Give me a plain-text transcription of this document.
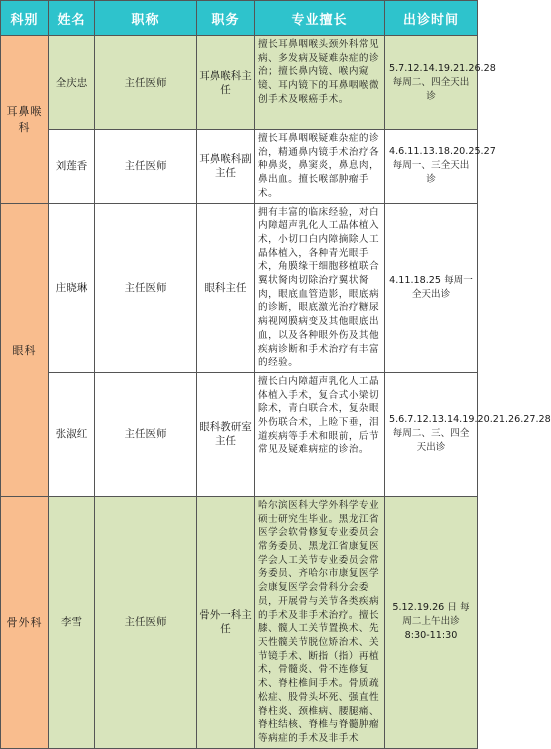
科别	姓名	职称	职务	专业擅长	出诊时间
耳鼻喉科	全庆忠	主任医师	耳鼻喉科主任	擅长耳鼻咽喉头颈外科常见病、多发病及疑难杂症的诊治；擅长鼻内镜、喉内窥镜、耳内镜下的耳鼻咽喉微创手术及喉癌手术。	5.7.12.14.19.21.26.28 每周二、四全天出诊
	刘莲香	主任医师	耳鼻喉科副主任	擅长耳鼻咽喉疑难杂症的诊治，精通鼻内镜手术治疗各种鼻炎，鼻窦炎，鼻息肉，鼻出血。擅长喉部肿瘤手术。	4.6.11.13.18.20.25.27 每周一、三全天出诊
眼科	庄晓琳	主任医师	眼科主任	拥有丰富的临床经验，对白内障超声乳化人工晶体植入术，小切口白内障摘除人工晶体植入，各种青光眼手术，角膜缘干细胞移植联合翼状胬肉切除治疗翼状胬肉，眼底血管造影，眼底病的诊断，眼底激光治疗糖尿病视网膜病变及其他眼底出血，以及各种眼外伤及其他疾病诊断和手术治疗有丰富的经验。	4.11.18.25 每周一全天出诊
	张淑红	主任医师	眼科教研室主任	擅长白内障超声乳化人工晶体植入手术，复合式小梁切除术，青白联合术，复杂眼外伤联合术，上睑下垂，泪道疾病等手术和眼前，后节常见及疑难病症的诊治。	5.6.7.12.13.14.19.20.21.26.27.28 每周二、三、四全天出诊
骨外科	李雪	主任医师	骨外一科主任	哈尔滨医科大学外科学专业硕士研究生毕业。黑龙江省医学会软骨修复专业委员会常务委员、黑龙江省康复医学会人工关节专业委员会常务委员、齐哈尔市康复医学会康复医学会骨科分会委员，开展骨与关节各类疾病的手术及非手术治疗。擅长膝、髋人工关节置换术、先天性髋关节脱位矫治术、关节镜手术、断指（指）再植术，骨髓炎、骨不连修复术、脊柱椎间手术。骨质疏松症、股骨头坏死、强直性脊柱炎、颈椎病、腰腿痛、脊柱结核、脊椎与脊髓肿瘤等病症的手术及非手术	5.12.19.26 日 每周二上午出诊 8:30-11:30
